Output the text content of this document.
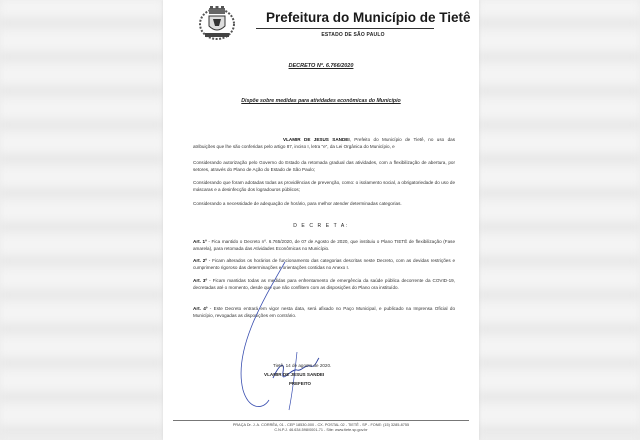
Prefeitura do Município de Tietê
ESTADO DE SÃO PAULO
DECRETO Nº. 6.766/2020
Dispõe sobre medidas para atividades econômicas do Município
VLAMIR DE JESUS SANDEI, Prefeito do Município de Tietê, no uso das atribuições que lhe são conferidas pelo artigo 87, inciso I, letra "e", da Lei Orgânica do Município, e
Considerando autorização pelo Governo do Estado da retomada gradual das atividades, com a flexibilização de abertura, por setores, através do Plano de Ação do Estado de São Paulo;
Considerando que foram adotadas todas as providências de prevenção, como: o isolamento social, a obrigatoriedade do uso de máscaras e a desinfecção dos logradouros públicos;
Considerando a necessidade de adequação de horário, para melhor atender determinadas categorias.
D E C R E T A:
Art. 1º - Fica mantido o Decreto nº. 6.765/2020, de 07 de Agosto de 2020, que instituiu o Plano TIETÊ de flexibilização (Fase amarela), para retomada das Atividades Econômicas no Município.
Art. 2º - Ficam alterados os horários de funcionamento das categorias descritas neste Decreto, com as devidas restrições e cumprimento rigoroso das determinações e orientações contidas no Anexo I.
Art. 3º - Ficam mantidas todas as medidas para enfrentamento de emergência da saúde pública decorrente da COVID-19, decretadas até o momento, desde que que não conflitem com as disposições do Plano ora instituído.
Art. 4º - Este Decreto entrará em vigor nesta data, será afixado no Paço Municipal, e publicado na Imprensa Oficial do Município, revogadas as disposições em contrário.
Tietê, 14 de agosto de 2020.
VLAMIR DE JESUS SANDEI
PREFEITO
PRAÇA Dr. J. A. CORRÊA, 01 - CEP 18530-000 - CX. POSTAL 02 - TIETÊ - SP - FONE: (15) 3285-8755
C.N.P.J. 46.634.598/0001-71 - Site: www.tiete.sp.gov.br
